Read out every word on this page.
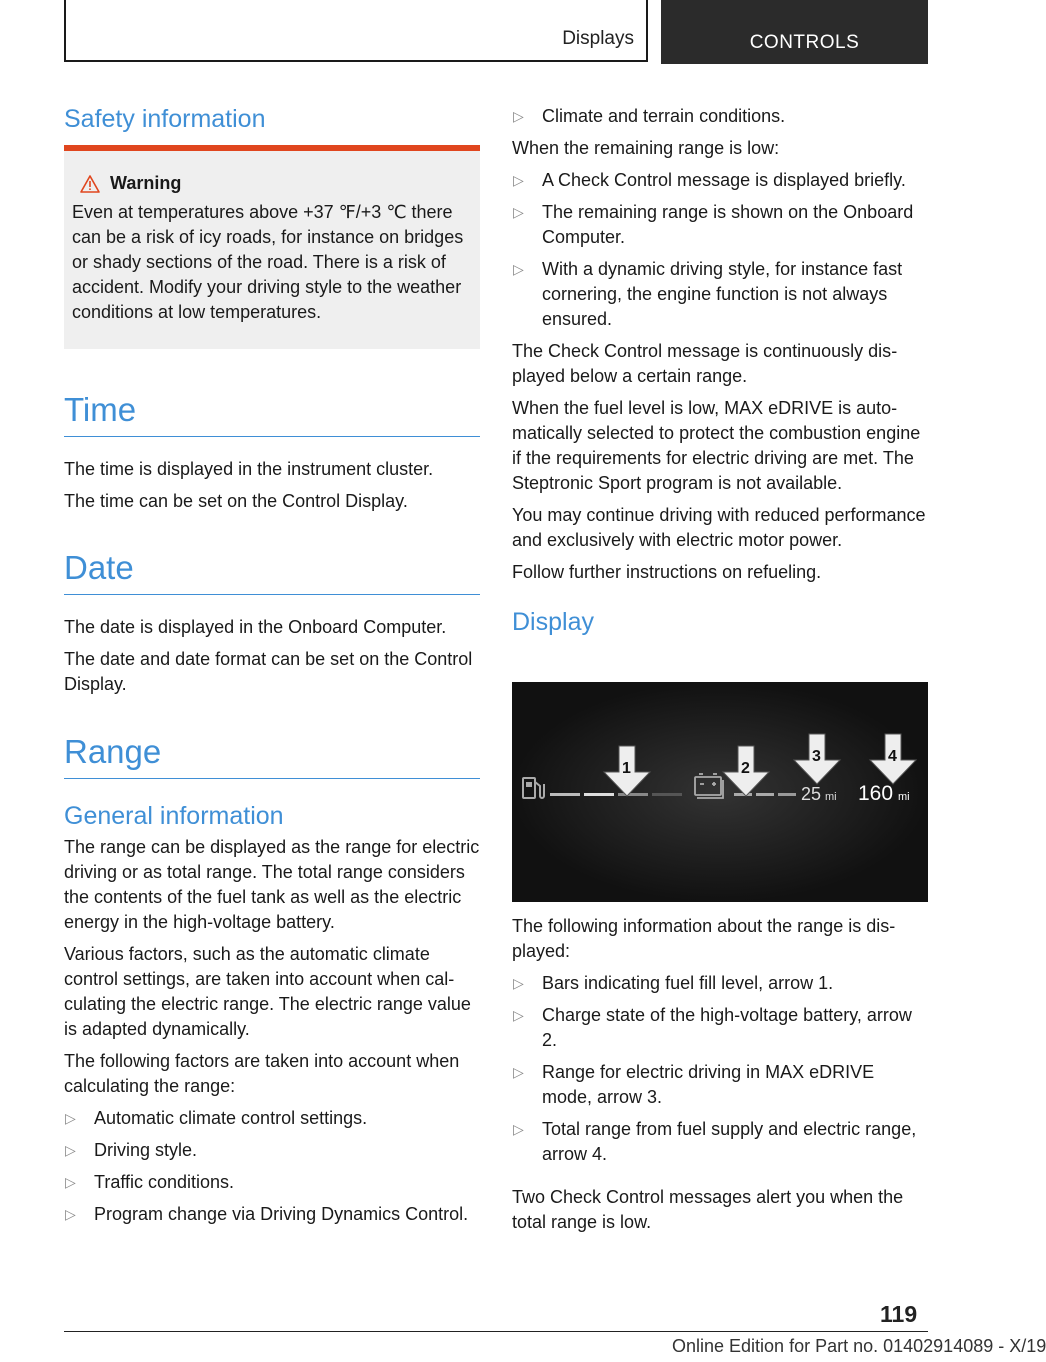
Displays	CONTROLS
Safety information
Warning
Even at temperatures above +37 ℉/+3 ℃ there can be a risk of icy roads, for instance on bridges or shady sections of the road. There is a risk of accident. Modify your driving style to the weather conditions at low temperatures.
Time

The time is displayed in the instrument cluster.

The time can be set on the Control Display.

Date

The date is displayed in the Onboard Computer.

The date and date format can be set on the Control Display.

Range
General information

The range can be displayed as the range for electric driving or as total range. The total range considers the contents of the fuel tank as well as the electric energy in the high-voltage battery.

Various factors, such as the automatic climate control settings, are taken into account when calculating the electric range. The electric range value is adapted dynamically.

The following factors are taken into account when calculating the range:

▷	Automatic climate control settings.
▷	Driving style.
▷	Traffic conditions.
▷	Program change via Driving Dynamics Control.
▷	Climate and terrain conditions.

When the remaining range is low:

▷	A Check Control message is displayed briefly.
▷	The remaining range is shown on the Onboard Computer.
▷	With a dynamic driving style, for instance fast cornering, the engine function is not always ensured.

The Check Control message is continuously displayed below a certain range.

When the fuel level is low, MAX eDRIVE is automatically selected to protect the combustion engine if the requirements for electric driving are met. The Steptronic Sport program is not available.

You may continue driving with reduced performance and exclusively with electric motor power.

Follow further instructions on refueling.

Display
1	2
3	4
25 mi 160 mi

The following information about the range is displayed:

▷	Bars indicating fuel fill level, arrow 1.
▷	Charge state of the high-voltage battery, arrow 2.
▷	Range for electric driving in MAX eDRIVE mode, arrow 3.
▷	Total range from fuel supply and electric range, arrow 4.

Two Check Control messages alert you when the total range is low.

119
Online Edition for Part no. 01402914089 - X/19
